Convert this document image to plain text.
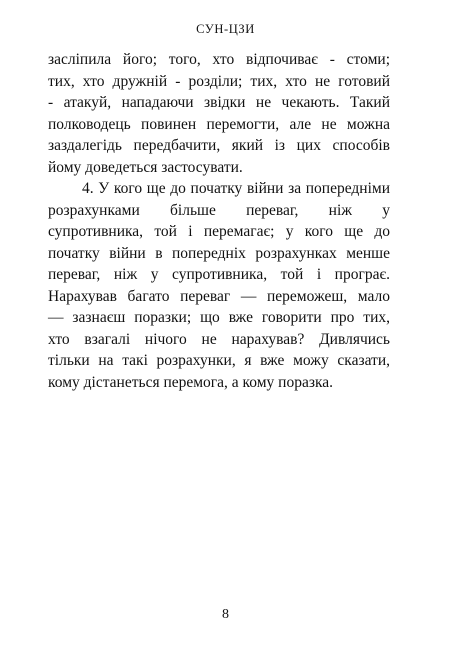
СУН-ЦЗИ
засліпила його; того, хто відпочиває - стоми;
тих, хто дружній - розділи; тих, хто не готовий
- атакуй, нападаючи звідки не чекають. Такий
полководець повинен перемогти, але не можна
заздалегідь передбачити, який із цих способів
йому доведеться застосувати.
4. У кого ще до початку війни за попередніми
розрахунками більше переваг, ніж у
супротивника, той і перемагає; у кого ще до
початку війни в попередніх розрахунках менше
переваг, ніж у супротивника, той і програє.
Нарахував багато переваг — переможеш, мало
— зазнаєш поразки; що вже говорити про тих,
хто взагалі нічого не нарахував? Дивлячись
тільки на такі розрахунки, я вже можу сказати,
кому дістанеться перемога, а кому поразка.
8
